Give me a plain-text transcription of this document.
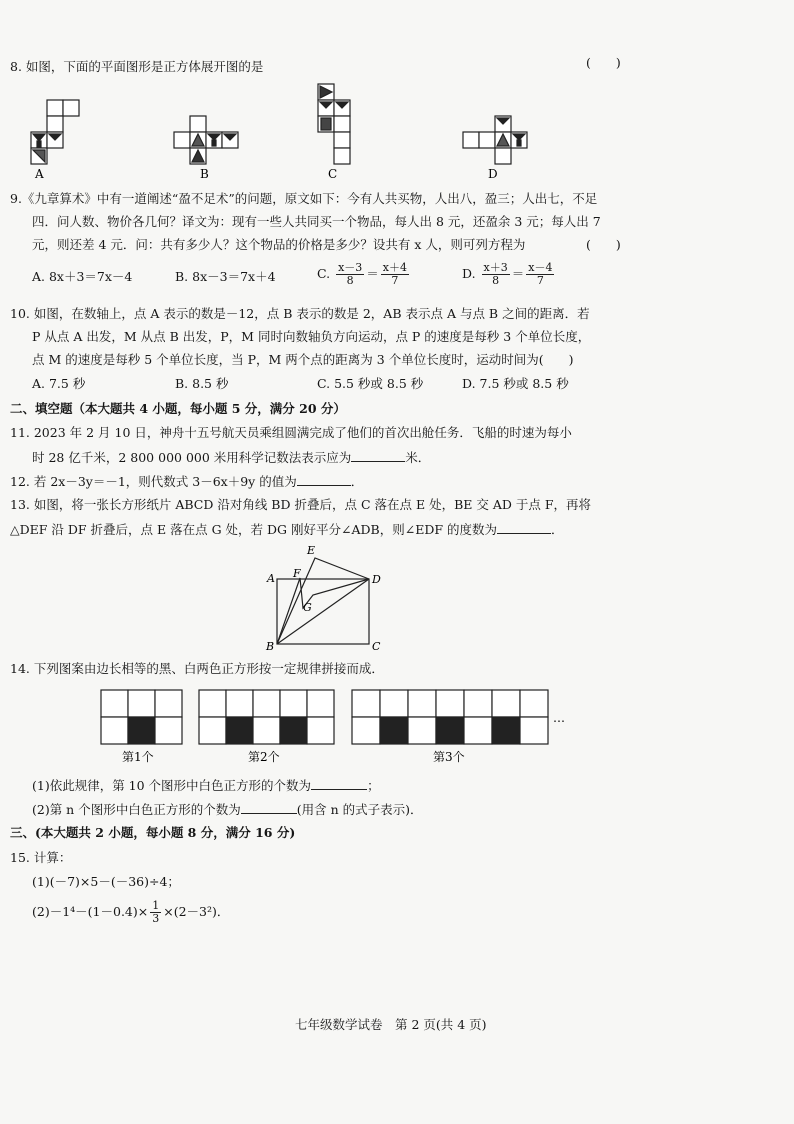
8. 如图，下面的平面图形是正方体展开图的是	(　　)
A	B	C	D
9.《九章算术》中有一道阐述“盈不足术”的问题，原文如下：今有人共买物，人出八，盈三；人出七，不足
四．问人数、物价各几何？译文为：现有一些人共同买一个物品，每人出 8 元，还盈余 3 元；每人出 7
元，则还差 4 元．问：共有多少人？这个物品的价格是多少？设共有 x 人，则可列方程为	(　　)
A. 8x＋3＝7x－4	B. 8x－3＝7x＋4	C. $\frac{x-3}{8} = \frac{x+4}{7}$	D. $\frac{x+3}{8} = \frac{x-4}{7}$
10. 如图，在数轴上，点 A 表示的数是－12，点 B 表示的数是 2，AB 表示点 A 与点 B 之间的距离．若
P 从点 A 出发，M 从点 B 出发，P，M 同时向数轴负方向运动，点 P 的速度是每秒 3 个单位长度，
点 M 的速度是每秒 5 个单位长度，当 P，M 两个点的距离为 3 个单位长度时，运动时间为(　　)
A. 7.5 秒	B. 8.5 秒	C. 5.5 秒或 8.5 秒	D. 7.5 秒或 8.5 秒
二、填空题（本大题共 4 小题，每小题 5 分，满分 20 分）
11. 2023 年 2 月 10 日，神舟十五号航天员乘组圆满完成了他们的首次出舱任务．飞船的时速为每小
时 28 亿千米，2 800 000 000 米用科学记数法表示应为	米．
12. 若 2x－3y＝－1，则代数式 3－6x＋9y 的值为	．
13. 如图，将一张长方形纸片 ABCD 沿对角线 BD 折叠后，点 C 落在点 E 处，BE 交 AD 于点 F，再将
△DEF 沿 DF 折叠后，点 E 落在点 G 处，若 DG 刚好平分∠ADB，则∠EDF 的度数为	．
E
A F	D
G
B	C
14. 下列图案由边长相等的黑、白两色正方形按一定规律拼接而成．
…
第1个	第2个	第3个
(1)依此规律，第 10 个图形中白色正方形的个数为	；
(2)第 n 个图形中白色正方形的个数为	(用含 n 的式子表示)．
三、(本大题共 2 小题，每小题 8 分，满分 16 分)
15. 计算：
(1)(－7)×5－(－36)÷4；
$(2)-1^4-(1-0.4)\times \frac{1}{3} \times(2-3^2)$．
七年级数学试卷　第 2 页(共 4 页)
